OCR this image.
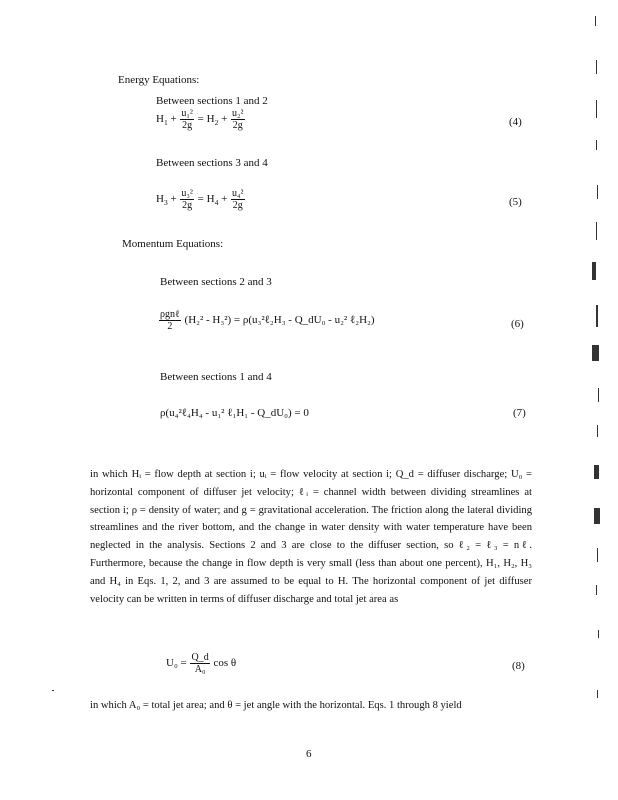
Energy Equations:
Between sections 1 and 2
$H_1 + \frac{\text{u₁²}}{2g} = H_2 + \frac{\text{u₂²}}{2g}$	(4)
Between sections 3 and 4
$H_3 + \frac{\text{u₃²}}{2g} = H_4 + \frac{\text{u₄²}}{2g}$	(5)
Momentum Equations:
Between sections 2 and 3
$\frac{\text{ρgnℓ}}{2} (H_2^2 - H_3^2)$ = ρ(u₃²ℓ₂H₃ - Q_dU₀ - u₂² ℓ₂H₂)	(6)
Between sections 1 and 4
ρ(u₄²ℓ₄H₄ - u₁² ℓ₁H₁ - Q_dU₀) = 0	(7)

in which Hᵢ = flow depth at section i; uᵢ = flow velocity at section i; Q_d = diffuser discharge; U₀ = horizontal component of diffuser jet velocity; ℓᵢ = channel width between dividing streamlines at section i; ρ = density of water; and g = gravitational acceleration. The friction along the lateral dividing streamlines and the river bottom, and the change in water density with water temperature have been neglected in the analysis. Sections 2 and 3 are close to the diffuser section, so ℓ₂ = ℓ₃ = nℓ. Furthermore, because the change in flow depth is very small (less than about one percent), H₁, H₂, H₃ and H₄ in Eqs. 1, 2, and 3 are assumed to be equal to H. The horizontal component of jet diffuser velocity can be written in terms of diffuser discharge and total jet area as

$U_0 = \frac{Q\_d}{\text{A₀}}$ cos θ	(8)

in which A₀ = total jet area; and θ = jet angle with the horizontal. Eqs. 1 through 8 yield

6
